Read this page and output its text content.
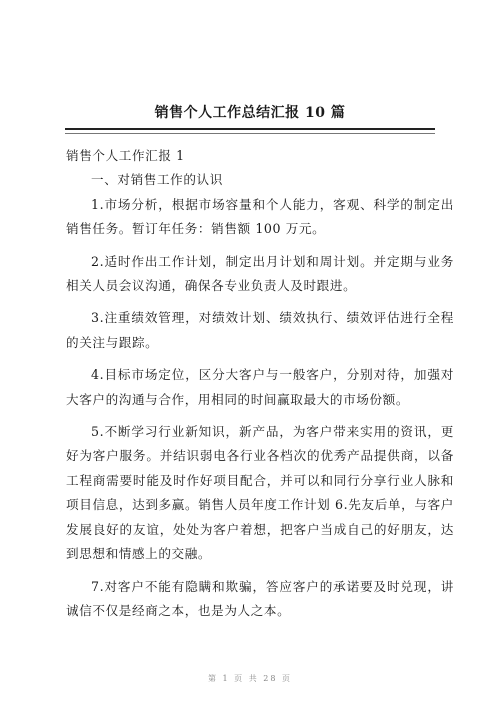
销售个人工作总结汇报 10 篇

销售个人工作汇报 1

一、对销售工作的认识

1.市场分析，根据市场容量和个人能力，客观、科学的制定出销售任务。暂订年任务：销售额 100 万元。

2.适时作出工作计划，制定出月计划和周计划。并定期与业务相关人员会议沟通，确保各专业负责人及时跟进。

3.注重绩效管理，对绩效计划、绩效执行、绩效评估进行全程的关注与跟踪。

4.目标市场定位，区分大客户与一般客户，分别对待，加强对大客户的沟通与合作，用相同的时间赢取最大的市场份额。

5.不断学习行业新知识，新产品，为客户带来实用的资讯，更好为客户服务。并结识弱电各行业各档次的优秀产品提供商，以备工程商需要时能及时作好项目配合，并可以和同行分享行业人脉和项目信息，达到多赢。销售人员年度工作计划 6.先友后单，与客户发展良好的友谊，处处为客户着想，把客户当成自己的好朋友，达到思想和情感上的交融。

7.对客户不能有隐瞒和欺骗，答应客户的承诺要及时兑现，讲诚信不仅是经商之本，也是为人之本。

第 1 页 共 28 页
